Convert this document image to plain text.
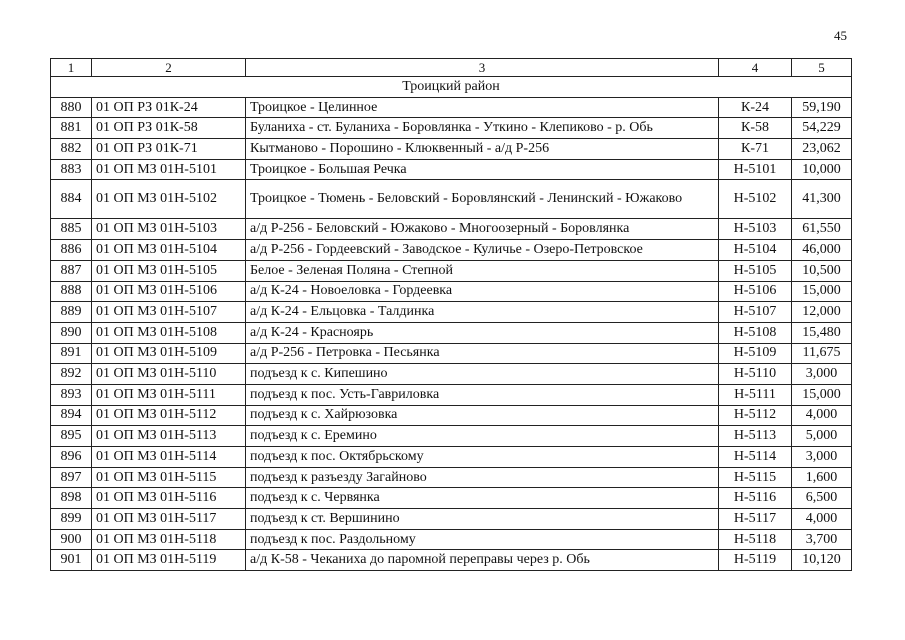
45
1	2	3	4	5
Троицкий район				
880	01 ОП РЗ 01К-24	Троицкое - Целинное	К-24	59,190
881	01 ОП РЗ 01К-58	Буланиха - ст. Буланиха - Боровлянка - Уткино - Клепиково - р. Обь	К-58	54,229
882	01 ОП РЗ 01К-71	Кытманово - Порошино - Клюквенный - а/д Р-256	К-71	23,062
883	01 ОП МЗ 01Н-5101	Троицкое - Большая Речка	Н-5101	10,000
884	01 ОП МЗ 01Н-5102	Троицкое - Тюмень - Беловский - Боровлянский - Ленинский - Южаково	Н-5102	41,300
885	01 ОП МЗ 01Н-5103	а/д Р-256 - Беловский - Южаково - Многоозерный - Боровлянка	Н-5103	61,550
886	01 ОП МЗ 01Н-5104	а/д Р-256 - Гордеевский - Заводское - Куличье - Озеро-Петровское	Н-5104	46,000
887	01 ОП МЗ 01Н-5105	Белое - Зеленая Поляна - Степной	Н-5105	10,500
888	01 ОП МЗ 01Н-5106	а/д К-24 - Новоеловка - Гордеевка	Н-5106	15,000
889	01 ОП МЗ 01Н-5107	а/д К-24 - Ельцовка - Талдинка	Н-5107	12,000
890	01 ОП МЗ 01Н-5108	а/д К-24 - Красноярь	Н-5108	15,480
891	01 ОП МЗ 01Н-5109	а/д Р-256 - Петровка - Песьянка	Н-5109	11,675
892	01 ОП МЗ 01Н-5110	подъезд к с. Кипешино	Н-5110	3,000
893	01 ОП МЗ 01Н-5111	подъезд к пос. Усть-Гавриловка	Н-5111	15,000
894	01 ОП МЗ 01Н-5112	подъезд к с. Хайрюзовка	Н-5112	4,000
895	01 ОП МЗ 01Н-5113	подъезд к с. Еремино	Н-5113	5,000
896	01 ОП МЗ 01Н-5114	подъезд к пос. Октябрьскому	Н-5114	3,000
897	01 ОП МЗ 01Н-5115	подъезд к разъезду Загайново	Н-5115	1,600
898	01 ОП МЗ 01Н-5116	подъезд к с. Червянка	Н-5116	6,500
899	01 ОП МЗ 01Н-5117	подъезд к ст. Вершинино	Н-5117	4,000
900	01 ОП МЗ 01Н-5118	подъезд к пос. Раздольному	Н-5118	3,700
901	01 ОП МЗ 01Н-5119	а/д К-58 - Чеканиха до паромной переправы через р. Обь	Н-5119	10,120
